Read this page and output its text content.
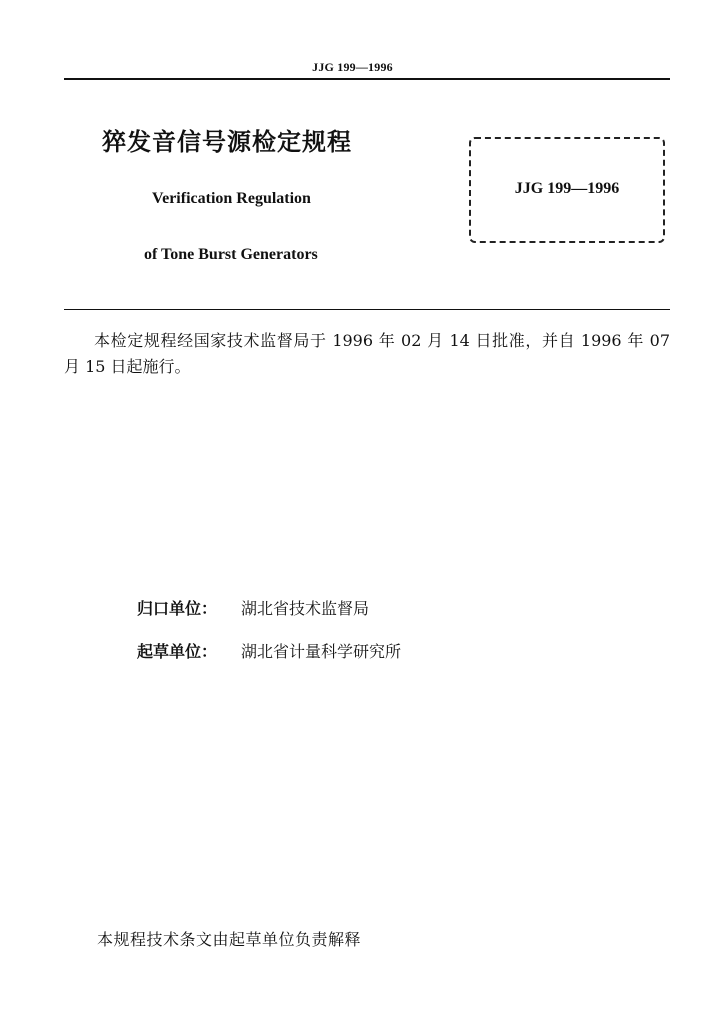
JJG 199—1996
猝发音信号源检定规程
Verification Regulation
of Tone Burst Generators
JJG 199—1996
本检定规程经国家技术监督局于 1996 年 02 月 14 日批准，并自 1996 年 07 月 15 日起施行。
归口单位： 湖北省技术监督局
起草单位： 湖北省计量科学研究所
本规程技术条文由起草单位负责解释
